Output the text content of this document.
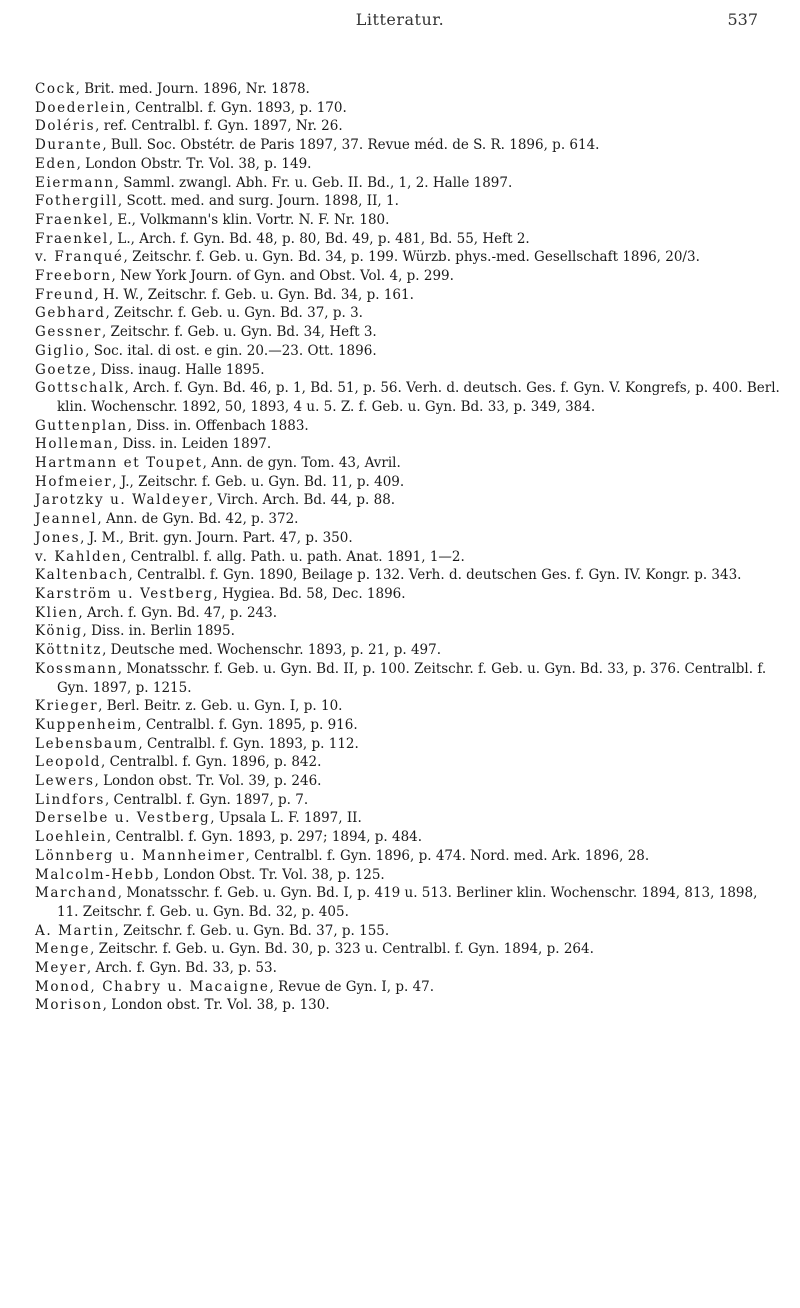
Litteratur.	537
Cock, Brit. med. Journ. 1896, Nr. 1878.
Doederlein, Centralbl. f. Gyn. 1893, p. 170.
Doléris, ref. Centralbl. f. Gyn. 1897, Nr. 26.
Durante, Bull. Soc. Obstétr. de Paris 1897, 37. Revue méd. de S. R. 1896, p. 614.
Eden, London Obstr. Tr. Vol. 38, p. 149.
Eiermann, Samml. zwangl. Abh. Fr. u. Geb. II. Bd., 1, 2. Halle 1897.
Fothergill, Scott. med. and surg. Journ. 1898, II, 1.
Fraenkel, E., Volkmann's klin. Vortr. N. F. Nr. 180.
Fraenkel, L., Arch. f. Gyn. Bd. 48, p. 80, Bd. 49, p. 481, Bd. 55, Heft 2.
v. Franqué, Zeitschr. f. Geb. u. Gyn. Bd. 34, p. 199. Würzb. phys.-med. Gesellschaft 1896, 20/3.
Freeborn, New York Journ. of Gyn. and Obst. Vol. 4, p. 299.
Freund, H. W., Zeitschr. f. Geb. u. Gyn. Bd. 34, p. 161.
Gebhard, Zeitschr. f. Geb. u. Gyn. Bd. 37, p. 3.
Gessner, Zeitschr. f. Geb. u. Gyn. Bd. 34, Heft 3.
Giglio, Soc. ital. di ost. e gin. 20.—23. Ott. 1896.
Goetze, Diss. inaug. Halle 1895.
Gottschalk, Arch. f. Gyn. Bd. 46, p. 1, Bd. 51, p. 56. Verh. d. deutsch. Ges. f. Gyn. V. Kongrefs, p. 400. Berl. klin. Wochenschr. 1892, 50, 1893, 4 u. 5. Z. f. Geb. u. Gyn. Bd. 33, p. 349, 384.
Guttenplan, Diss. in. Offenbach 1883.
Holleman, Diss. in. Leiden 1897.
Hartmann et Toupet, Ann. de gyn. Tom. 43, Avril.
Hofmeier, J., Zeitschr. f. Geb. u. Gyn. Bd. 11, p. 409.
Jarotzky u. Waldeyer, Virch. Arch. Bd. 44, p. 88.
Jeannel, Ann. de Gyn. Bd. 42, p. 372.
Jones, J. M., Brit. gyn. Journ. Part. 47, p. 350.
v. Kahlden, Centralbl. f. allg. Path. u. path. Anat. 1891, 1—2.
Kaltenbach, Centralbl. f. Gyn. 1890, Beilage p. 132. Verh. d. deutschen Ges. f. Gyn. IV. Kongr. p. 343.
Karström u. Vestberg, Hygiea. Bd. 58, Dec. 1896.
Klien, Arch. f. Gyn. Bd. 47, p. 243.
König, Diss. in. Berlin 1895.
Köttnitz, Deutsche med. Wochenschr. 1893, p. 21, p. 497.
Kossmann, Monatsschr. f. Geb. u. Gyn. Bd. II, p. 100. Zeitschr. f. Geb. u. Gyn. Bd. 33, p. 376. Centralbl. f. Gyn. 1897, p. 1215.
Krieger, Berl. Beitr. z. Geb. u. Gyn. I, p. 10.
Kuppenheim, Centralbl. f. Gyn. 1895, p. 916.
Lebensbaum, Centralbl. f. Gyn. 1893, p. 112.
Leopold, Centralbl. f. Gyn. 1896, p. 842.
Lewers, London obst. Tr. Vol. 39, p. 246.
Lindfors, Centralbl. f. Gyn. 1897, p. 7.
Derselbe u. Vestberg, Upsala L. F. 1897, II.
Loehlein, Centralbl. f. Gyn. 1893, p. 297; 1894, p. 484.
Lönnberg u. Mannheimer, Centralbl. f. Gyn. 1896, p. 474. Nord. med. Ark. 1896, 28.
Malcolm-Hebb, London Obst. Tr. Vol. 38, p. 125.
Marchand, Monatsschr. f. Geb. u. Gyn. Bd. I, p. 419 u. 513. Berliner klin. Wochenschr. 1894, 813, 1898, 11. Zeitschr. f. Geb. u. Gyn. Bd. 32, p. 405.
A. Martin, Zeitschr. f. Geb. u. Gyn. Bd. 37, p. 155.
Menge, Zeitschr. f. Geb. u. Gyn. Bd. 30, p. 323 u. Centralbl. f. Gyn. 1894, p. 264.
Meyer, Arch. f. Gyn. Bd. 33, p. 53.
Monod, Chabry u. Macaigne, Revue de Gyn. I, p. 47.
Morison, London obst. Tr. Vol. 38, p. 130.
